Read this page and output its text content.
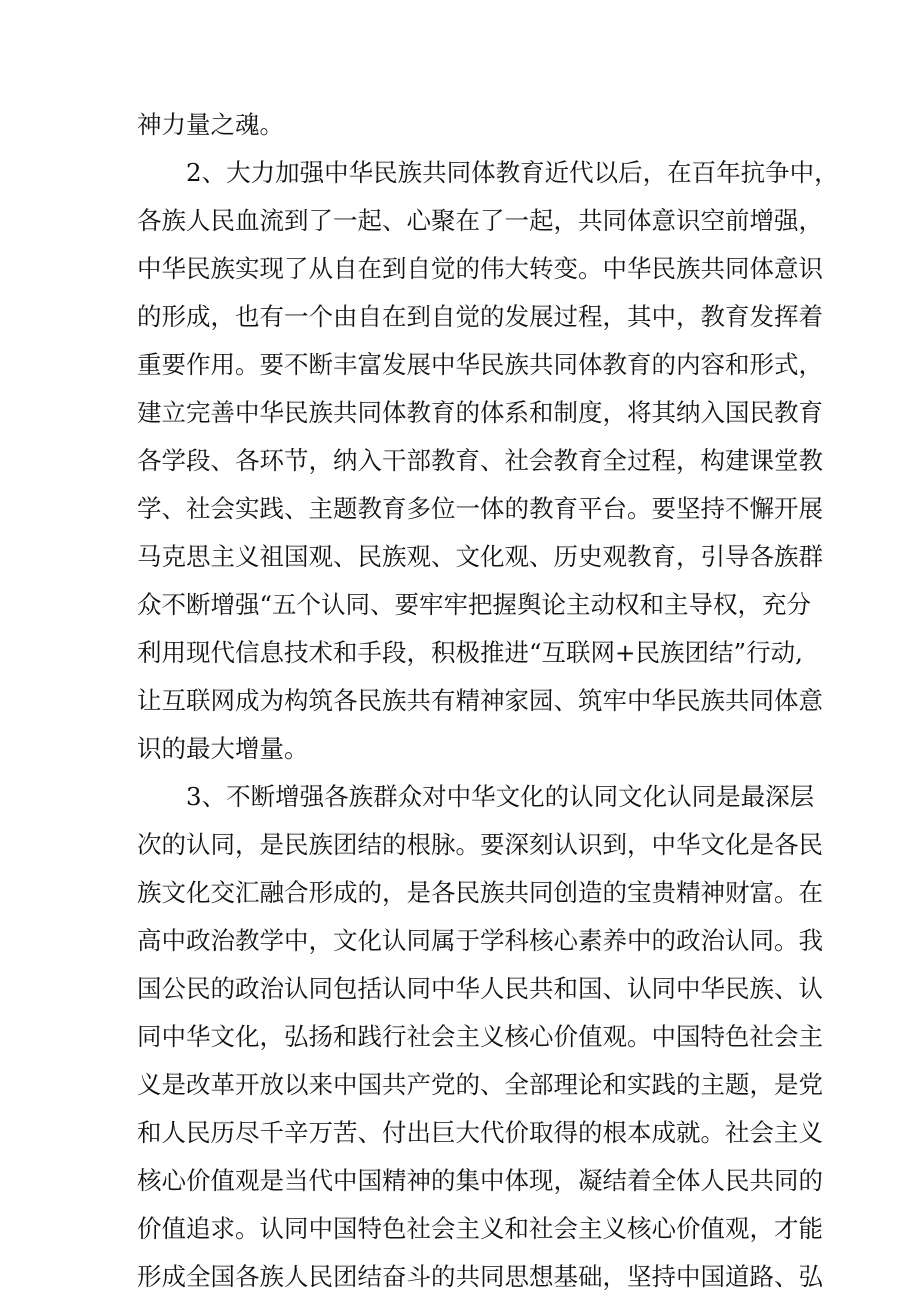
神力量之魂。
2、大力加强中华民族共同体教育近代以后，在百年抗争中，
各族人民血流到了一起、心聚在了一起，共同体意识空前增强，
中华民族实现了从自在到自觉的伟大转变。中华民族共同体意识
的形成，也有一个由自在到自觉的发展过程，其中，教育发挥着
重要作用。要不断丰富发展中华民族共同体教育的内容和形式，
建立完善中华民族共同体教育的体系和制度，将其纳入国民教育
各学段、各环节，纳入干部教育、社会教育全过程，构建课堂教
学、社会实践、主题教育多位一体的教育平台。要坚持不懈开展
马克思主义祖国观、民族观、文化观、历史观教育，引导各族群
众不断增强“五个认同、要牢牢把握舆论主动权和主导权，充分
利用现代信息技术和手段，积极推进“互联网+民族团结”行动,
让互联网成为构筑各民族共有精神家园、筑牢中华民族共同体意
识的最大增量。
3、不断增强各族群众对中华文化的认同文化认同是最深层
次的认同，是民族团结的根脉。要深刻认识到，中华文化是各民
族文化交汇融合形成的，是各民族共同创造的宝贵精神财富。在
高中政治教学中，文化认同属于学科核心素养中的政治认同。我
国公民的政治认同包括认同中华人民共和国、认同中华民族、认
同中华文化，弘扬和践行社会主义核心价值观。中国特色社会主
义是改革开放以来中国共产党的、全部理论和实践的主题，是党
和人民历尽千辛万苦、付出巨大代价取得的根本成就。社会主义
核心价值观是当代中国精神的集中体现，凝结着全体人民共同的
价值追求。认同中国特色社会主义和社会主义核心价值观，才能
形成全国各族人民团结奋斗的共同思想基础，坚持中国道路、弘
